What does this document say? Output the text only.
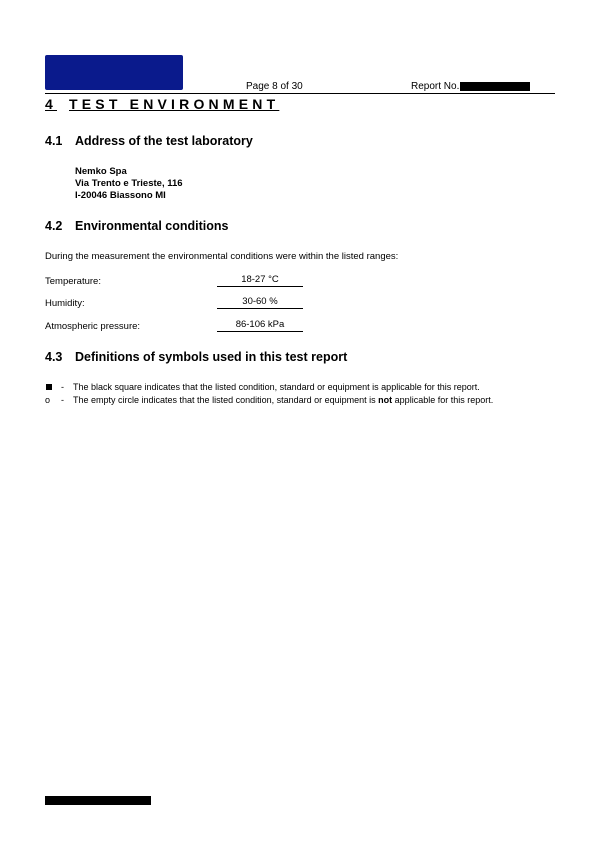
Page 8 of 30	Report No.
4 TEST ENVIRONMENT
4.1 Address of the test laboratory
Nemko Spa
Via Trento e Trieste, 116
I-20046 Biassono MI
4.2 Environmental conditions
During the measurement the environmental conditions were within the listed ranges:
Temperature:	18-27 °C
Humidity:	30-60 %
Atmospheric pressure:	86-106 kPa
4.3 Definitions of symbols used in this test report
-	The black square indicates that the listed condition, standard or equipment is applicable for this report.
o	-	The empty circle indicates that the listed condition, standard or equipment is not applicable for this report.
